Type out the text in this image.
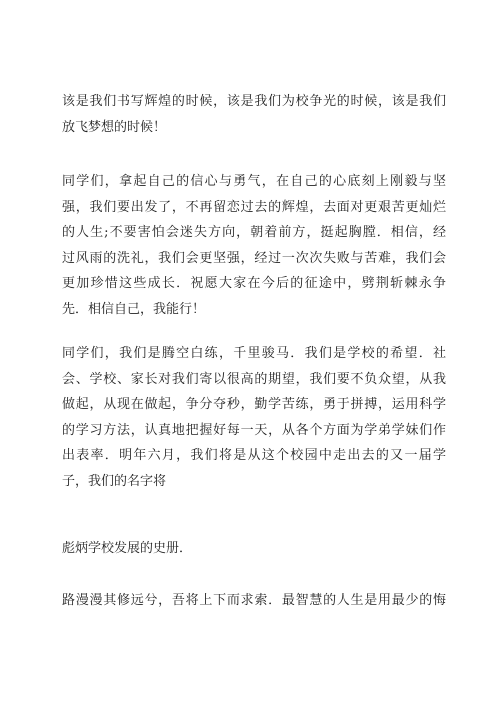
该是我们书写辉煌的时候，该是我们为校争光的时候，该是我们
放飞梦想的时候！

同学们，拿起自己的信心与勇气，在自己的心底刻上刚毅与坚
强，我们要出发了，不再留恋过去的辉煌，去面对更艰苦更灿烂
的人生;不要害怕会迷失方向，朝着前方，挺起胸膛．相信，经
过风雨的洗礼，我们会更坚强，经过一次次失败与苦难，我们会
更加珍惜这些成长．祝愿大家在今后的征途中，劈荆斩棘永争
先．相信自己，我能行！

同学们，我们是腾空白练，千里骏马．我们是学校的希望．社
会、学校、家长对我们寄以很高的期望，我们要不负众望，从我
做起，从现在做起，争分夺秒，勤学苦练，勇于拼搏，运用科学
的学习方法，认真地把握好每一天，从各个方面为学弟学妹们作
出表率．明年六月，我们将是从这个校园中走出去的又一届学
子，我们的名字将

彪炳学校发展的史册．

路漫漫其修远兮，吾将上下而求索．最智慧的人生是用最少的悔
